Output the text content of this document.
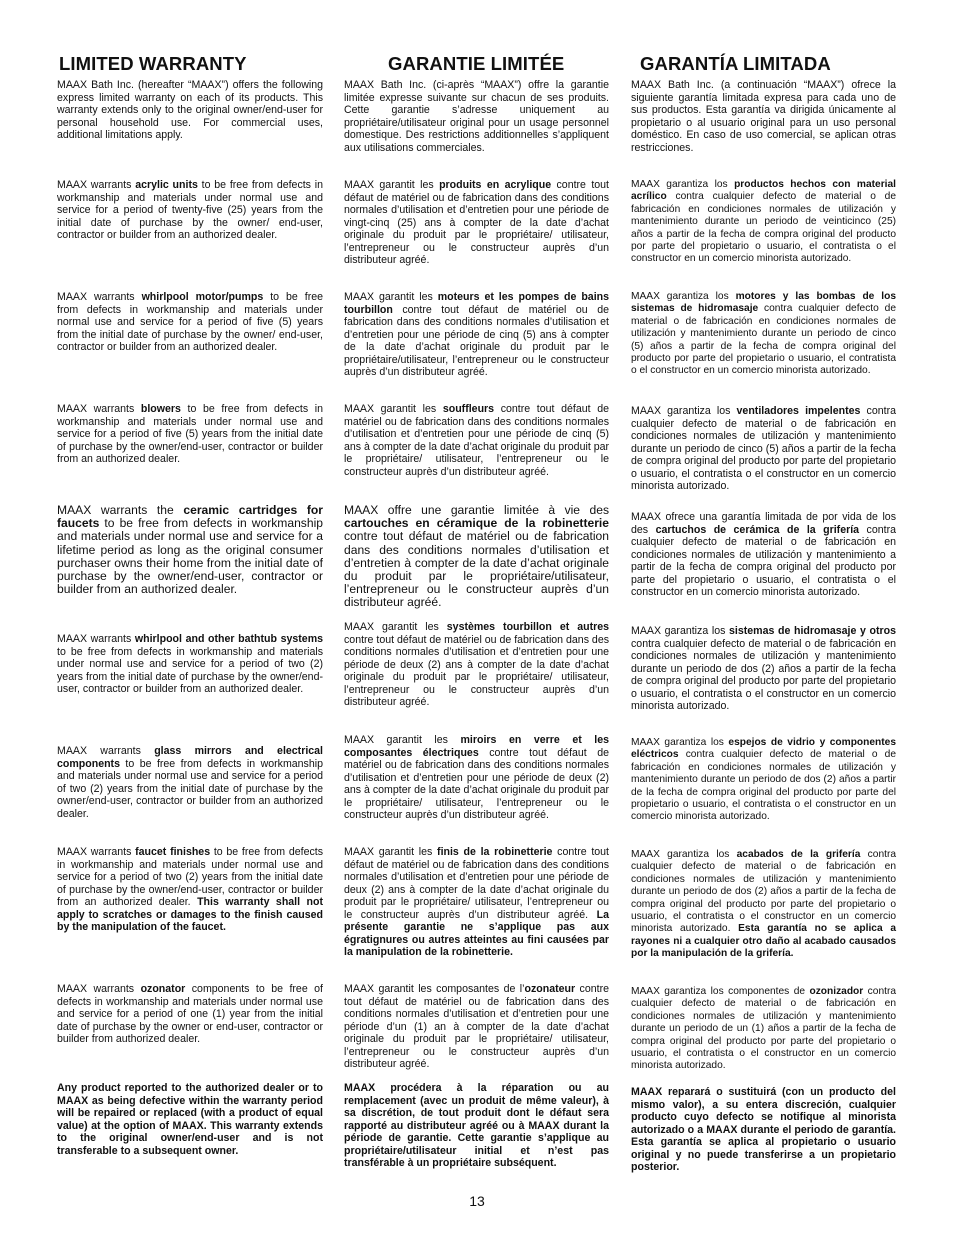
LIMITED WARRANTY

MAAX Bath Inc. (hereafter “MAAX”) offers the following express limited warranty on each of its products. This warranty extends only to the original owner/end-user for personal household use. For commercial uses, additional limitations apply.

MAAX warrants acrylic units to be free from defects in workmanship and materials under normal use and service for a period of twenty-five (25) years from the initial date of purchase by the owner/ end-user, contractor or builder from an authorized dealer.

MAAX warrants whirlpool motor/pumps to be free from defects in workmanship and materials under normal use and service for a period of five (5) years from the initial date of purchase by the owner/ end-user, contractor or builder from an authorized dealer.

MAAX warrants blowers to be free from defects in workmanship and materials under normal use and service for a period of five (5) years from the initial date of purchase by the owner/end-user, contractor or builder from an authorized dealer.

MAAX warrants the ceramic cartridges for faucets to be free from defects in workmanship and materials under normal use and service for a lifetime period as long as the original consumer purchaser owns their home from the initial date of purchase by the owner/end-user, contractor or builder from an authorized dealer.

MAAX warrants whirlpool and other bathtub systems to be free from defects in workmanship and materials under normal use and service for a period of two (2) years from the initial date of purchase by the owner/end-user, contractor or builder from an authorized dealer.

MAAX warrants glass mirrors and electrical components to be free from defects in workmanship and materials under normal use and service for a period of two (2) years from the initial date of purchase by the owner/end-user, contractor or builder from an authorized dealer.

MAAX warrants faucet finishes to be free from defects in workmanship and materials under normal use and service for a period of two (2) years from the initial date of purchase by the owner/end-user, contractor or builder from an authorized dealer. This warranty shall not apply to scratches or damages to the finish caused by the manipulation of the faucet.

MAAX warrants ozonator components to be free of defects in workmanship and materials under normal use and service for a period of one (1) year from the initial date of purchase by the owner or end-user, contractor or builder from authorized dealer.

Any product reported to the authorized dealer or to MAAX as being defective within the warranty period will be repaired or replaced (with a product of equal value) at the option of MAAX. This warranty extends to the original owner/end-user and is not transferable to a subsequent owner.

GARANTIE LIMITÉE

MAAX Bath Inc. (ci-après “MAAX”) offre la garantie limitée expresse suivante sur chacun de ses produits. Cette garantie s’adresse uniquement au propriétaire/utilisateur original pour un usage personnel domestique. Des restrictions additionnelles s’appliquent aux utilisations commerciales.

MAAX garantit les produits en acrylique contre tout défaut de matériel ou de fabrication dans des conditions normales d’utilisation et d’entretien pour une période de vingt-cinq (25) ans à compter de la date d’achat originale du produit par le propriétaire/ utilisateur, l’entrepreneur ou le constructeur auprès d’un distributeur agréé.

MAAX garantit les moteurs et les pompes de bains tourbillon contre tout défaut de matériel ou de fabrication dans des conditions normales d’utilisation et d’entretien pour une période de cinq (5) ans à compter de la date d’achat originale du produit par le propriétaire/utilisateur, l’entrepreneur ou le constructeur auprès d’un distributeur agréé.

MAAX garantit les souffleurs contre tout défaut de matériel ou de fabrication dans des conditions normales d’utilisation et d’entretien pour une période de cinq (5) ans à compter de la date d’achat originale du produit par le propriétaire/ utilisateur, l’entrepreneur ou le constructeur auprès d’un distributeur agréé.

MAAX offre une garantie limitée à vie des cartouches en céramique de la robinetterie contre tout défaut de matériel ou de fabrication dans des conditions normales d’utilisation et d’entretien à compter de la date d’achat originale du produit par le propriétaire/utilisateur, l’entrepreneur ou le constructeur auprès d’un distributeur agréé.

MAAX garantit les systèmes tourbillon et autres contre tout défaut de matériel ou de fabrication dans des conditions normales d’utilisation et d’entretien pour une période de deux (2) ans à compter de la date d’achat originale du produit par le propriétaire/ utilisateur, l’entrepreneur ou le constructeur auprès d’un distributeur agréé.

MAAX garantit les miroirs en verre et les composantes électriques contre tout défaut de matériel ou de fabrication dans des conditions normales d’utilisation et d’entretien pour une période de deux (2) ans à compter de la date d’achat originale du produit par le propriétaire/ utilisateur, l’entrepreneur ou le constructeur auprès d’un distributeur agréé.

MAAX garantit les finis de la robinetterie contre tout défaut de matériel ou de fabrication dans des conditions normales d’utilisation et d’entretien pour une période de deux (2) ans à compter de la date d’achat originale du produit par le propriétaire/ utilisateur, l’entrepreneur ou le constructeur auprès d’un distributeur agréé. La présente garantie ne s’applique pas aux égratignures ou autres atteintes au fini causées par la manipulation de la robinetterie.

MAAX garantit les composantes de l’ozonateur contre tout défaut de matériel ou de fabrication dans des conditions normales d’utilisation et d’entretien pour une période d’un (1) an à compter de la date d’achat originale du produit par le propriétaire/ utilisateur, l’entrepreneur ou le constructeur auprès d’un distributeur agréé.

MAAX procédera à la réparation ou au remplacement (avec un produit de même valeur), à sa discrétion, de tout produit dont le défaut sera rapporté au distributeur agréé ou à MAAX durant la période de garantie. Cette garantie s’applique au propriétaire/utilisateur initial et n’est pas transférable à un propriétaire subséquent.

GARANTÍA LIMITADA

MAAX Bath Inc. (a continuación “MAAX”) ofrece la siguiente garantía limitada expresa para cada uno de sus productos. Esta garantía va dirigida únicamente al propietario o al usuario original para un uso personal doméstico. En caso de uso comercial, se aplican otras restricciones.

MAAX garantiza los productos hechos con material acrílico contra cualquier defecto de material o de fabricación en condiciones normales de utilización y mantenimiento durante un periodo de veinticinco (25) años a partir de la fecha de compra original del producto por parte del propietario o usuario, el contratista o el constructor en un comercio minorista autorizado.

MAAX garantiza los motores y las bombas de los sistemas de hidromasaje contra cualquier defecto de material o de fabricación en condiciones normales de utilización y mantenimiento durante un periodo de cinco (5) años a partir de la fecha de compra original del producto por parte del propietario o usuario, el contratista o el constructor en un comercio minorista autorizado.

MAAX garantiza los ventiladores impelentes contra cualquier defecto de material o de fabricación en condiciones normales de utilización y mantenimiento durante un periodo de cinco (5) años a partir de la fecha de compra original del producto por parte del propietario o usuario, el contratista o el constructor en un comercio minorista autorizado.

MAAX ofrece una garantía limitada de por vida de los des cartuchos de cerámica de la grifería contra cualquier defecto de material o de fabricación en condiciones normales de utilización y mantenimiento a partir de la fecha de compra original del producto por parte del propietario o usuario, el contratista o el constructor en un comercio minorista autorizado.

MAAX garantiza los sistemas de hidromasaje y otros contra cualquier defecto de material o de fabricación en condiciones normales de utilización y mantenimiento durante un periodo de dos (2) años a partir de la fecha de compra original del producto por parte del propietario o usuario, el contratista o el constructor en un comercio minorista autorizado.

MAAX garantiza los espejos de vidrio y componentes eléctricos contra cualquier defecto de material o de fabricación en condiciones normales de utilización y mantenimiento durante un periodo de dos (2) años a partir de la fecha de compra original del producto por parte del propietario o usuario, el contratista o el constructor en un comercio minorista autorizado.

MAAX garantiza los acabados de la grifería contra cualquier defecto de material o de fabricación en condiciones normales de utilización y mantenimiento durante un periodo de dos (2) años a partir de la fecha de compra original del producto por parte del propietario o usuario, el contratista o el constructor en un comercio minorista autorizado. Esta garantía no se aplica a rayones ni a cualquier otro daño al acabado causados por la manipulación de la grifería.

MAAX garantiza los componentes de ozonizador contra cualquier defecto de material o de fabricación en condiciones normales de utilización y mantenimiento durante un periodo de un (1) años a partir de la fecha de compra original del producto por parte del propietario o usuario, el contratista o el constructor en un comercio minorista autorizado.

MAAX reparará o sustituirá (con un producto del mismo valor), a su entera discreción, cualquier producto cuyo defecto se notifique al minorista autorizado o a MAAX durante el periodo de garantía. Esta garantía se aplica al propietario o usuario original y no puede transferirse a un propietario posterior.

13
